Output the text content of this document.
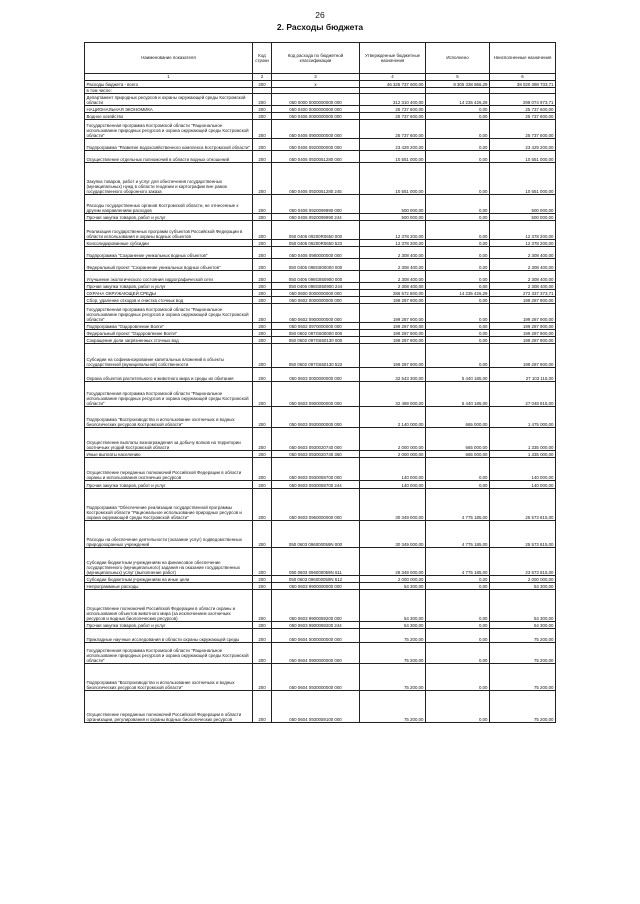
26
2. Расходы бюджета
Наименование показателя	Код строки	Код расхода по бюджетной классификации	Утвержденные бюджетные назначения	Исполнено	Неисполненные назначения
1	2	3	4	5	6
Расходы бюджета - всего	200	x	46 325 737 600,00	8 305 338 866,29	38 020 398 733,71
в том числе:					
Департамент природных ресурсов и охраны окружающей среды Костромской области	200	050 0000 0000000000 000	312 310 400,00	14 235 426,29	298 074 973,71
НАЦИОНАЛЬНАЯ ЭКОНОМИКА	200	050 0400 0000000000 000	25 737 600,00	0,00	25 737 600,00
Водное хозяйство	200	050 0406 0000000000 000	25 737 600,00	0,00	25 737 600,00
Государственная программа Костромской области "Рациональное использование природных ресурсов и охрана окружающей среды Костромской области"	200	050 0406 0900000000 000	25 737 600,00	0,00	25 737 600,00
Подпрограмма "Развитие водохозяйственного комплекса Костромской области"	200	050 0406 0920000000 000	23 429 200,00	0,00	23 429 200,00
Осуществление отдельных полномочий в области водных отношений	200	050 0406 0920051280 000	10 551 000,00	0,00	10 551 000,00
Закупка товаров, работ и услуг для обеспечения государственных (муниципальных) нужд в области геодезии и картографии вне рамок государственного оборонного заказа	200	050 0406 0920051280 245	10 551 000,00	0,00	10 551 000,00
Расходы государственных органов Костромской области, не отнесенные к другим направлениям расходов	200	050 0406 0920099990 000	500 000,00	0,00	500 000,00
Прочая закупка товаров, работ и услуг	200	050 0406 0920099990 244	500 000,00	0,00	500 000,00
Реализация государственных программ субъектов Российской Федерации в области использования и охраны водных объектов	200	050 0406 09200R0650 000	12 378 200,00	0,00	12 378 200,00
Консолидированные субсидии	200	050 0406 09200R0650 523	12 378 200,00	0,00	12 378 200,00
Подпрограмма "Сохранение уникальных водных объектов"	200	050 0406 0980000000 000	2 308 400,00	0,00	2 308 400,00
Федеральный проект "Сохранение уникальных водных объектов"	200	050 0406 098G800000 000	2 308 400,00	0,00	2 308 400,00
Улучшение экологического состояния гидрографической сети	200	050 0406 098G850900 000	2 308 400,00	0,00	2 308 400,00
Прочая закупка товаров, работ и услуг	200	050 0406 098G850900 244	2 308 400,00	0,00	2 308 400,00
ОХРАНА ОКРУЖАЮЩЕЙ СРЕДЫ	200	050 0600 0000000000 000	286 572 800,00	14 235 426,29	272 337 373,71
Сбор, удаление отходов и очистка сточных вод	200	050 0602 0000000000 000	199 287 900,00	0,00	199 287 900,00
Государственная программа Костромской области "Рациональное использование природных ресурсов и охрана окружающей среды Костромской области"	200	050 0602 0900000000 000	199 287 900,00	0,00	199 287 900,00
Подпрограмма "Оздоровление Волги"	200	050 0602 0970000000 000	199 287 900,00	0,00	199 287 900,00
Федеральный проект "Оздоровление Волги"	200	050 0602 097G600000 000	199 287 900,00	0,00	199 287 900,00
Сокращение доли загрязненных сточных вод	200	050 0602 097G650130 000	199 287 900,00	0,00	199 287 900,00
Субсидии на софинансирование капитальных вложений в объекты государственной (муниципальной) собственности	200	050 0602 097G650130 522	199 287 900,00	0,00	199 287 900,00
Охрана объектов растительного и животного мира и среды их обитания	200	050 0603 0000000000 000	32 543 300,00	5 440 185,00	27 103 115,00
Государственная программа Костромской области "Рациональное использование природных ресурсов и охрана окружающей среды Костромской области"	200	050 0603 0900000000 000	32 489 000,00	5 440 185,00	27 048 815,00
Подпрограмма "Воспроизводство и использование охотничьих и водных биологических ресурсов Костромской области"	200	050 0603 0930000000 000	2 140 000,00	665 000,00	1 475 000,00
Осуществление выплаты вознаграждения за добычу волков на территории охотничьих угодий Костромской области	200	050 0603 0930020740 000	2 000 000,00	665 000,00	1 335 000,00
Иные выплаты населению	200	050 0603 0930020740 360	2 000 000,00	665 000,00	1 335 000,00
Осуществление переданных полномочий Российской Федерации в области охраны и использования охотничьих ресурсов	200	050 0603 0930059700 000	140 000,00	0,00	140 000,00
Прочая закупка товаров, работ и услуг	200	050 0603 0930059700 244	140 000,00	0,00	140 000,00
Подпрограмма "Обеспечение реализации государственной программы Костромской области "Рациональное использование природных ресурсов и охрана окружающей среды Костромской области"	200	050 0603 0960000000 000	30 349 000,00	4 775 185,00	25 573 815,00
Расходы на обеспечение деятельности (оказание услуг) подведомственных природоохранных учреждений	200	050 0603 096000059N 000	30 349 000,00	4 775 185,00	25 573 815,00
Субсидии бюджетным учреждениям на финансовое обеспечение государственного (муниципального) задания на оказание государственных (муниципальных) услуг (выполнение работ)	200	050 0603 096000059N 611	28 349 000,00	4 775 185,00	23 573 815,00
Субсидии бюджетным учреждениям на иные цели	200	050 0603 096000059N 612	2 000 000,00	0,00	2 000 000,00
Непрограммные расходы	200	050 0603 9900000000 000	54 300,00	0,00	54 300,00
Осуществление полномочий Российской Федерации в области охраны и использования объектов животного мира (за исключением охотничьих ресурсов и водных биологических ресурсов)	200	050 0603 9900059200 000	54 300,00	0,00	54 300,00
Прочая закупка товаров, работ и услуг	200	050 0603 9900059200 244	54 300,00	0,00	54 300,00
Прикладные научные исследования в области охраны окружающей среды	200	050 0604 0000000000 000	75 200,00	0,00	75 200,00
Государственная программа Костромской области "Рациональное использование природных ресурсов и охрана окружающей среды Костромской области"	200	050 0604 0900000000 000	75 200,00	0,00	75 200,00
Подпрограмма "Воспроизводство и использование охотничьих и водных биологических ресурсов Костромской области"	200	050 0604 0930000000 000	75 200,00	0,00	75 200,00
Осуществление переданных полномочий Российской Федерации в области организации, регулирования и охраны водных биологических ресурсов	200	050 0604 0930059100 000	75 200,00	0,00	75 200,00
